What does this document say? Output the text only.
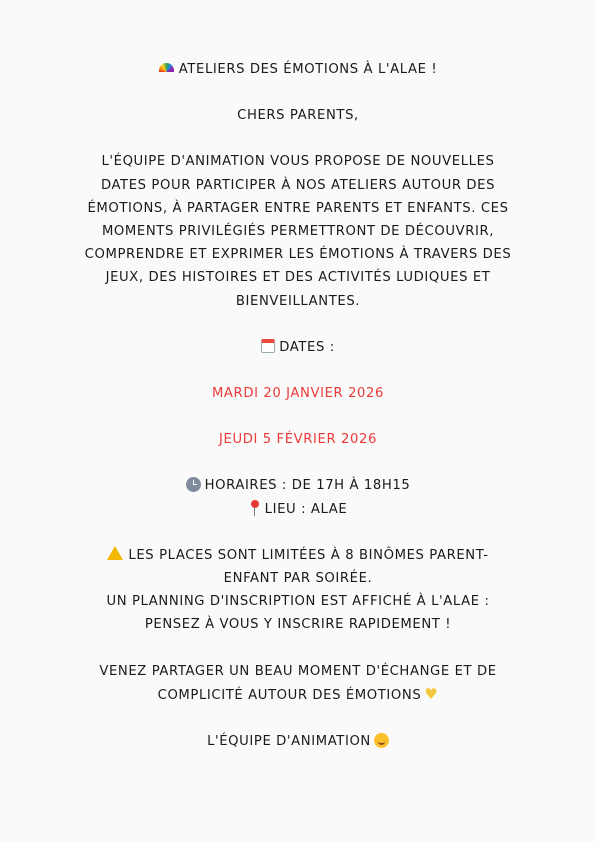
ATELIERS DES ÉMOTIONS À L'ALAE !

CHERS PARENTS,

L'ÉQUIPE D'ANIMATION VOUS PROPOSE DE NOUVELLES

DATES POUR PARTICIPER À NOS ATELIERS AUTOUR DES

ÉMOTIONS, À PARTAGER ENTRE PARENTS ET ENFANTS. CES

MOMENTS PRIVILÉGIÉS PERMETTRONT DE DÉCOUVRIR,

COMPRENDRE ET EXPRIMER LES ÉMOTIONS À TRAVERS DES

JEUX, DES HISTOIRES ET DES ACTIVITÉS LUDIQUES ET

BIENVEILLANTES.

DATES :

MARDI 20 JANVIER 2026

JEUDI 5 FÉVRIER 2026

HORAIRES : DE 17H À 18H15

LIEU : ALAE

LES PLACES SONT LIMITÉES À 8 BINÔMES PARENT-

ENFANT PAR SOIRÉE.

UN PLANNING D'INSCRIPTION EST AFFICHÉ À L'ALAE :

PENSEZ À VOUS Y INSCRIRE RAPIDEMENT !

VENEZ PARTAGER UN BEAU MOMENT D'ÉCHANGE ET DE

COMPLICITÉ AUTOUR DES ÉMOTIONS ♥

L'ÉQUIPE D'ANIMATION
